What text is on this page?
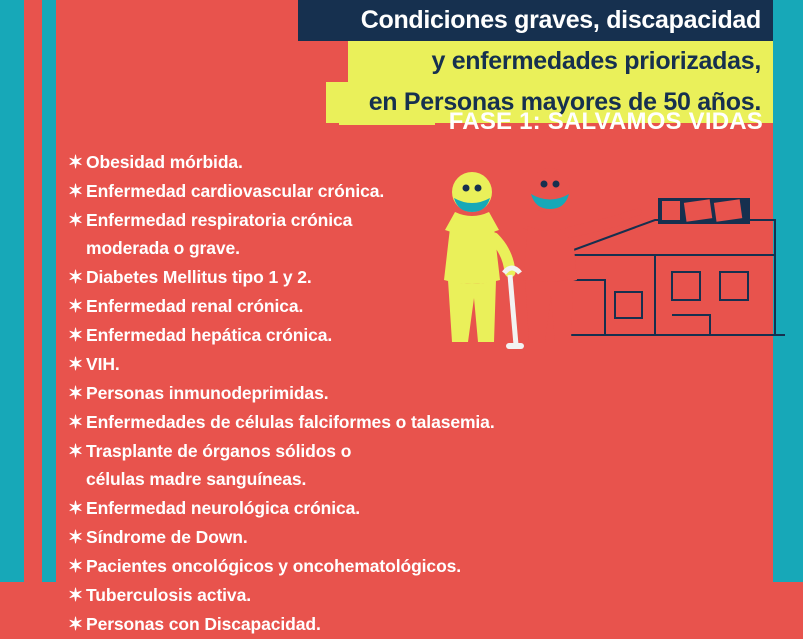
Condiciones graves, discapacidad
y enfermedades priorizadas,
en Personas mayores de 50 años.
FASE 1: SALVAMOS VIDAS
✶ Obesidad mórbida.
✶ Enfermedad cardiovascular crónica.
✶ Enfermedad respiratoria crónica
moderada o grave.
✶ Diabetes Mellitus tipo 1 y 2.
✶ Enfermedad renal crónica.
✶ Enfermedad hepática crónica.
✶ VIH.
✶ Personas inmunodeprimidas.
✶ Enfermedades de células falciformes o talasemia.
✶ Trasplante de órganos sólidos o
células madre sanguíneas.
✶ Enfermedad neurológica crónica.
✶ Síndrome de Down.
✶ Pacientes oncológicos y oncohematológicos.
✶ Tuberculosis activa.
✶ Personas con Discapacidad.
